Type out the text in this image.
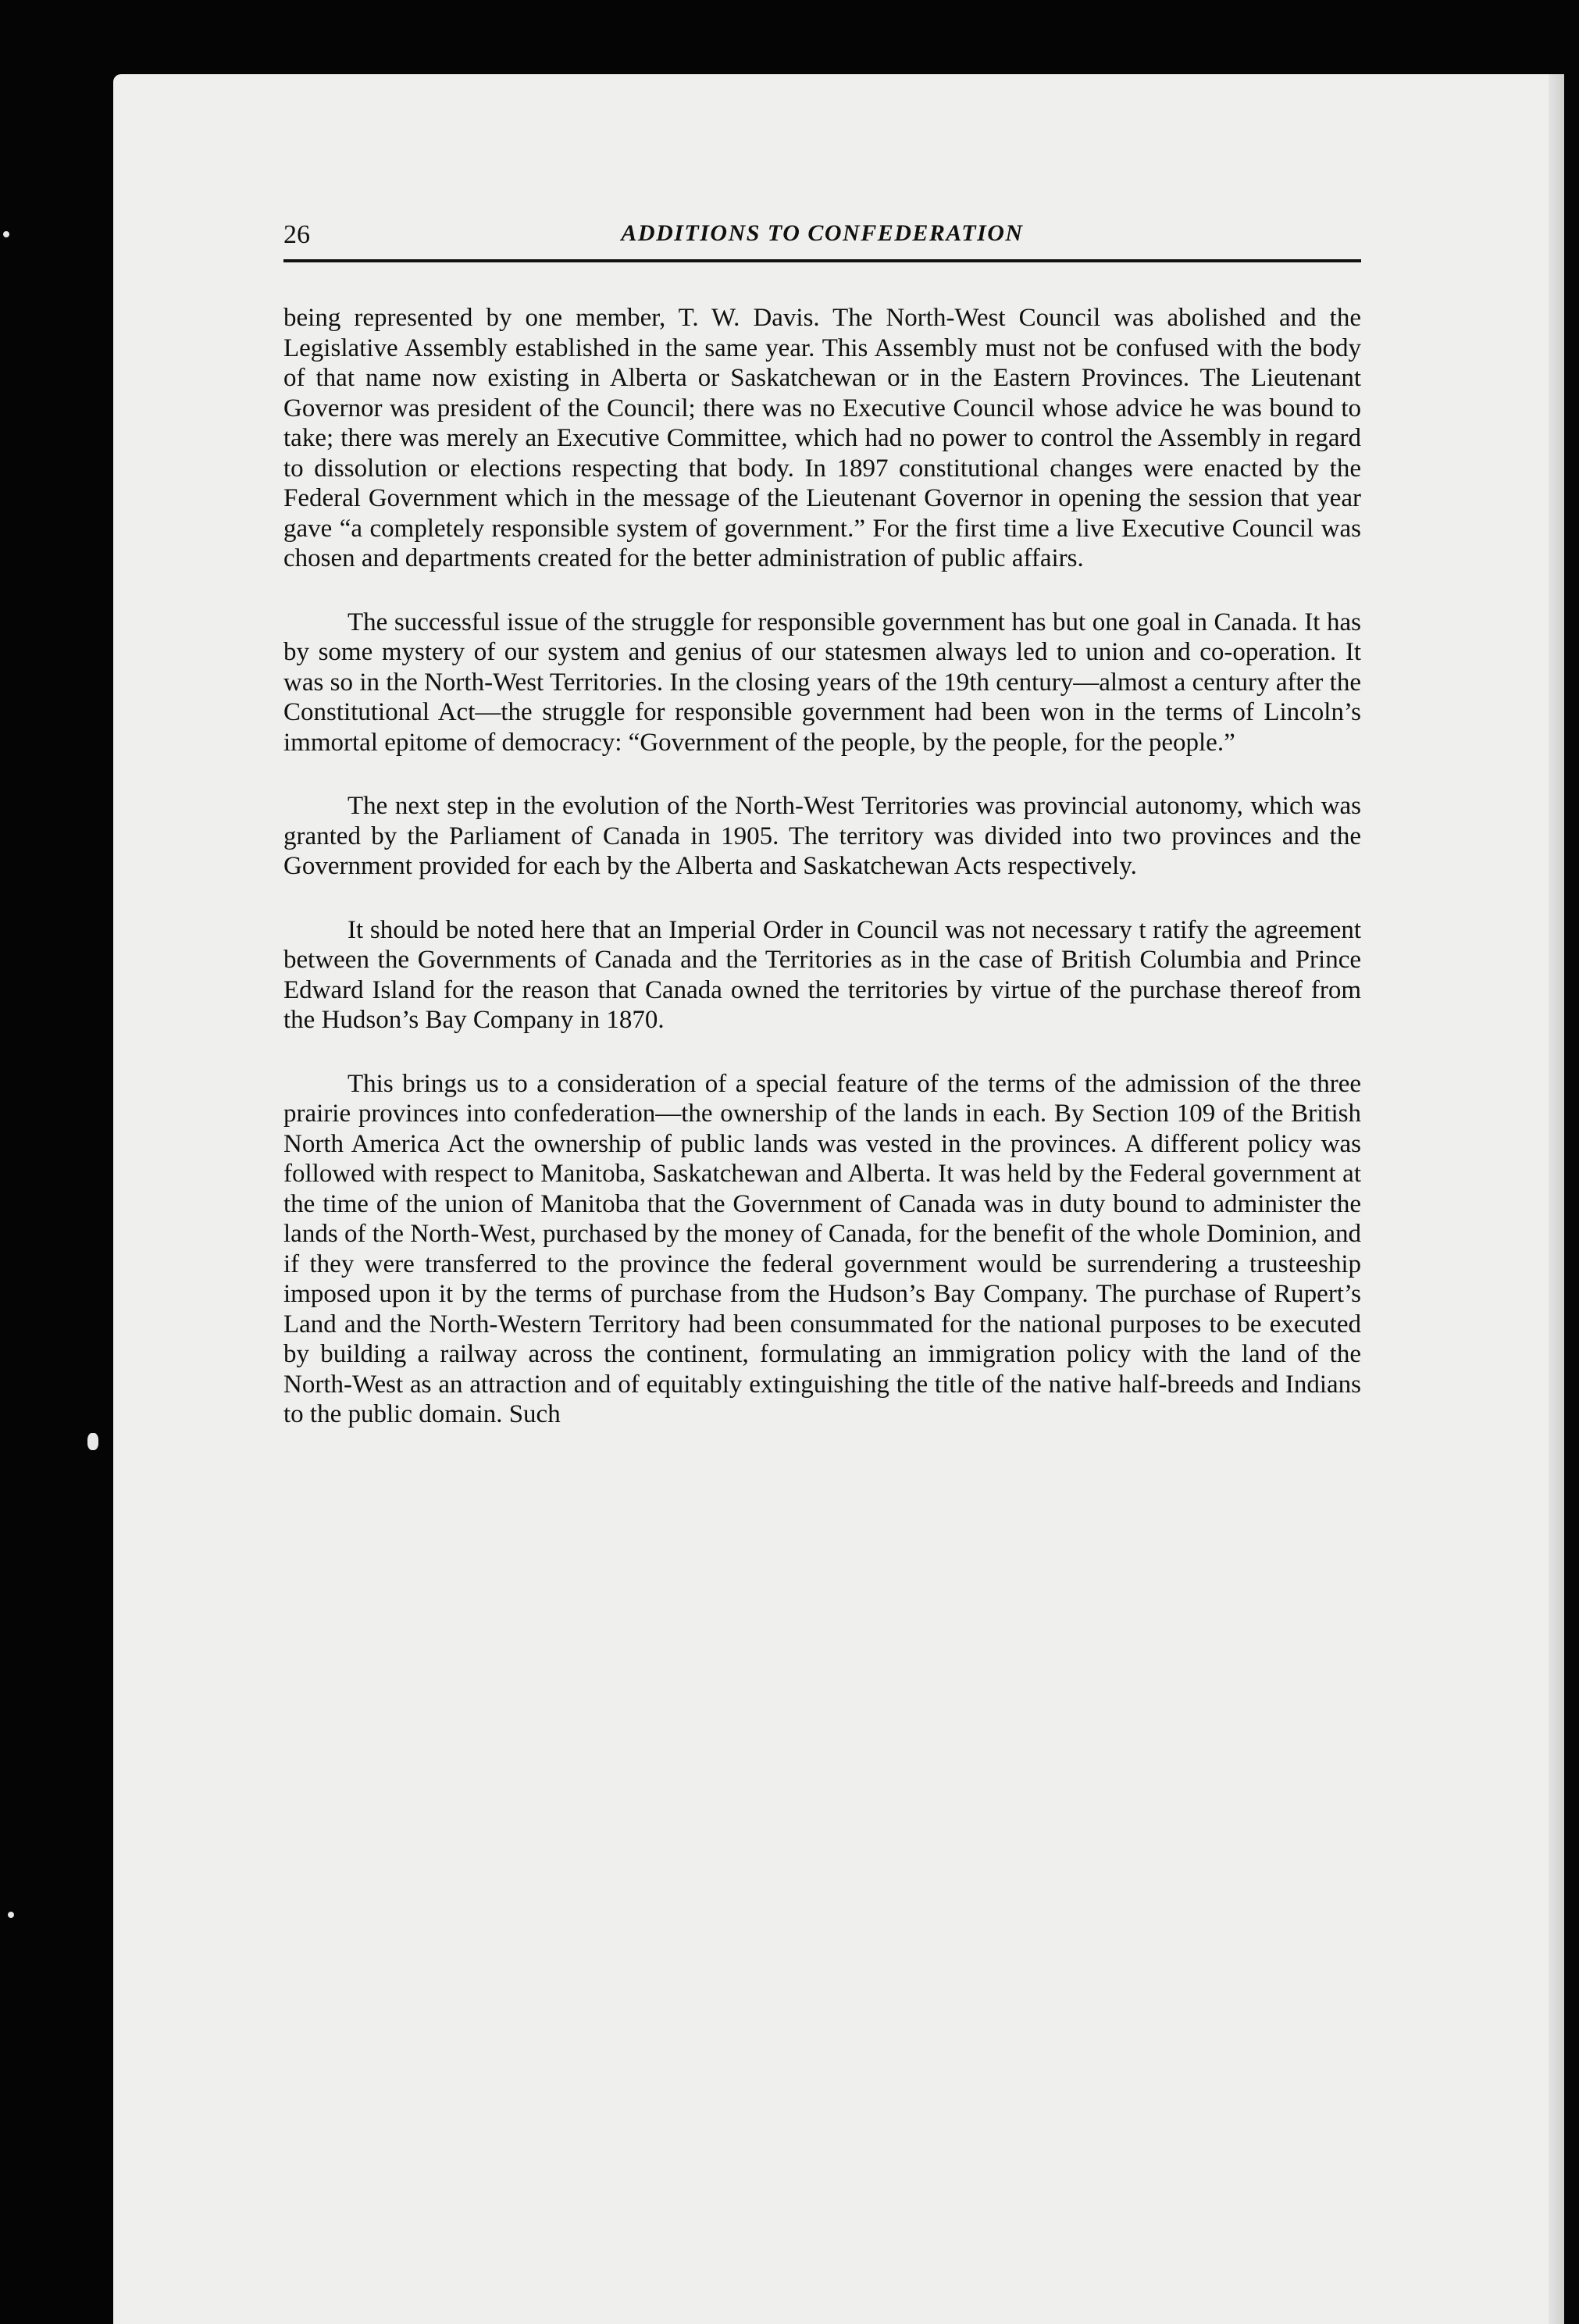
26	ADDITIONS TO CONFEDERATION

being represented by one member, T. W. Davis. The North-West Council was abolished and the Legislative Assembly established in the same year. This Assembly must not be confused with the body of that name now existing in Alberta or Saskatchewan or in the Eastern Provinces. The Lieutenant Governor was president of the Council; there was no Executive Council whose advice he was bound to take; there was merely an Executive Committee, which had no power to control the Assembly in regard to dissolution or elections respecting that body. In 1897 constitutional changes were enacted by the Federal Government which in the message of the Lieutenant Governor in opening the session that year gave “a completely responsible system of government.” For the first time a live Executive Council was chosen and departments created for the better administration of public affairs.

The successful issue of the struggle for responsible government has but one goal in Canada. It has by some mystery of our system and genius of our statesmen always led to union and co-operation. It was so in the North-West Territories. In the closing years of the 19th century—almost a century after the Constitutional Act—the struggle for responsible government had been won in the terms of Lincoln’s immortal epitome of democracy: “Government of the people, by the people, for the people.”

The next step in the evolution of the North-West Territories was provincial autonomy, which was granted by the Parliament of Canada in 1905. The territory was divided into two provinces and the Government provided for each by the Alberta and Saskatchewan Acts respectively.

It should be noted here that an Imperial Order in Council was not necessary t ratify the agreement between the Governments of Canada and the Territories as in the case of British Columbia and Prince Edward Island for the reason that Canada owned the territories by virtue of the purchase thereof from the Hudson’s Bay Company in 1870.

This brings us to a consideration of a special feature of the terms of the admission of the three prairie provinces into confederation—the ownership of the lands in each. By Section 109 of the British North America Act the ownership of public lands was vested in the provinces. A different policy was followed with respect to Manitoba, Saskatchewan and Alberta. It was held by the Federal government at the time of the union of Manitoba that the Government of Canada was in duty bound to administer the lands of the North-West, purchased by the money of Canada, for the benefit of the whole Dominion, and if they were transferred to the province the federal government would be surrendering a trusteeship imposed upon it by the terms of purchase from the Hudson’s Bay Company. The purchase of Rupert’s Land and the North-Western Territory had been consummated for the national purposes to be executed by building a railway across the continent, formulating an immigration policy with the land of the North-West as an attraction and of equitably extinguishing the title of the native half-breeds and Indians to the public domain. Such
